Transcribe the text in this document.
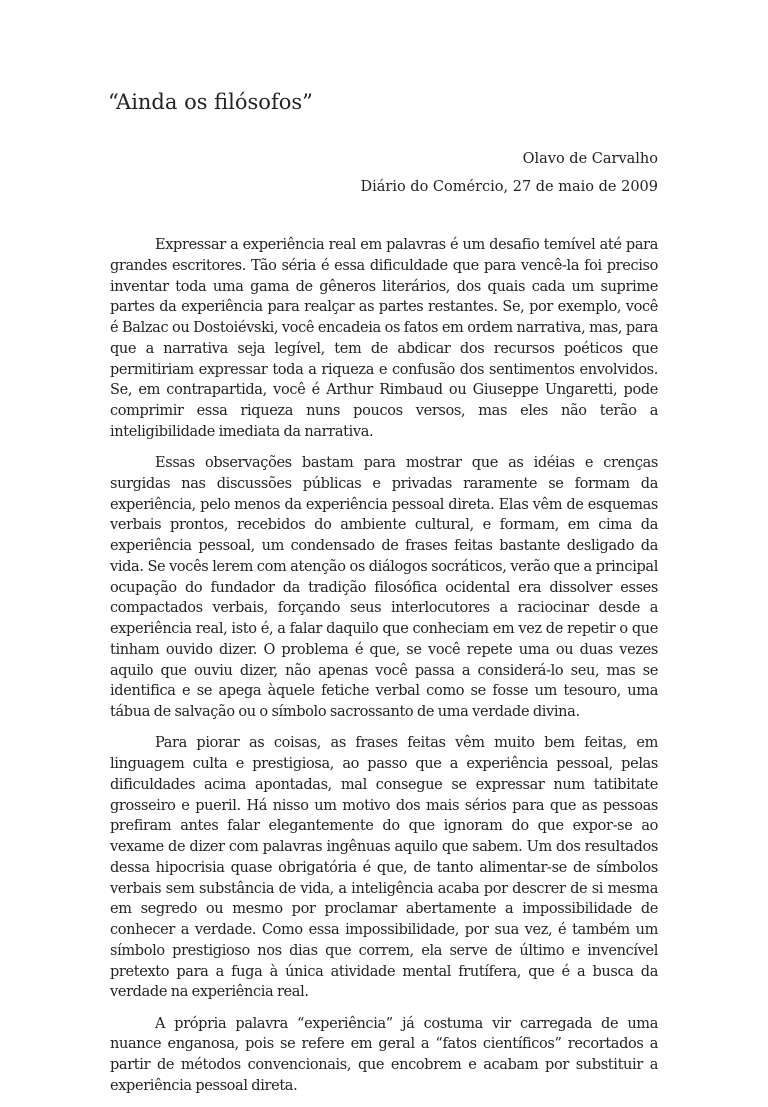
“Ainda os filósofos”

Olavo de Carvalho

Diário do Comércio, 27 de maio de 2009

Expressar a experiência real em palavras é um desafio temível até para grandes escritores. Tão séria é essa dificuldade que para vencê-la foi preciso inventar toda uma gama de gêneros literários, dos quais cada um suprime partes da experiência para realçar as partes restantes. Se, por exemplo, você é Balzac ou Dostoiévski, você encadeia os fatos em ordem narrativa, mas, para que a narrativa seja legível, tem de abdicar dos recursos poéticos que permitiriam expressar toda a riqueza e confusão dos sentimentos envolvidos. Se, em contrapartida, você é Arthur Rimbaud ou Giuseppe Ungaretti, pode comprimir essa riqueza nuns poucos versos, mas eles não terão a inteligibilidade imediata da narrativa.

Essas observações bastam para mostrar que as idéias e crenças surgidas nas discussões públicas e privadas raramente se formam da experiência, pelo menos da experiência pessoal direta. Elas vêm de esquemas verbais prontos, recebidos do ambiente cultural, e formam, em cima da experiência pessoal, um condensado de frases feitas bastante desligado da vida. Se vocês lerem com atenção os diálogos socráticos, verão que a principal ocupação do fundador da tradição filosófica ocidental era dissolver esses compactados verbais, forçando seus interlocutores a raciocinar desde a experiência real, isto é, a falar daquilo que conheciam em vez de repetir o que tinham ouvido dizer. O problema é que, se você repete uma ou duas vezes aquilo que ouviu dizer, não apenas você passa a considerá-lo seu, mas se identifica e se apega àquele fetiche verbal como se fosse um tesouro, uma tábua de salvação ou o símbolo sacrossanto de uma verdade divina.

Para piorar as coisas, as frases feitas vêm muito bem feitas, em linguagem culta e prestigiosa, ao passo que a experiência pessoal, pelas dificuldades acima apontadas, mal consegue se expressar num tatibitate grosseiro e pueril. Há nisso um motivo dos mais sérios para que as pessoas prefiram antes falar elegantemente do que ignoram do que expor-se ao vexame de dizer com palavras ingênuas aquilo que sabem. Um dos resultados dessa hipocrisia quase obrigatória é que, de tanto alimentar-se de símbolos verbais sem substância de vida, a inteligência acaba por descrer de si mesma em segredo ou mesmo por proclamar abertamente a impossibilidade de conhecer a verdade. Como essa impossibilidade, por sua vez, é também um símbolo prestigioso nos dias que correm, ela serve de último e invencível pretexto para a fuga à única atividade mental frutífera, que é a busca da verdade na experiência real.

A própria palavra “experiência” já costuma vir carregada de uma nuance enganosa, pois se refere em geral a “fatos científicos” recortados a partir de métodos convencionais, que encobrem e acabam por substituir a experiência pessoal direta.
